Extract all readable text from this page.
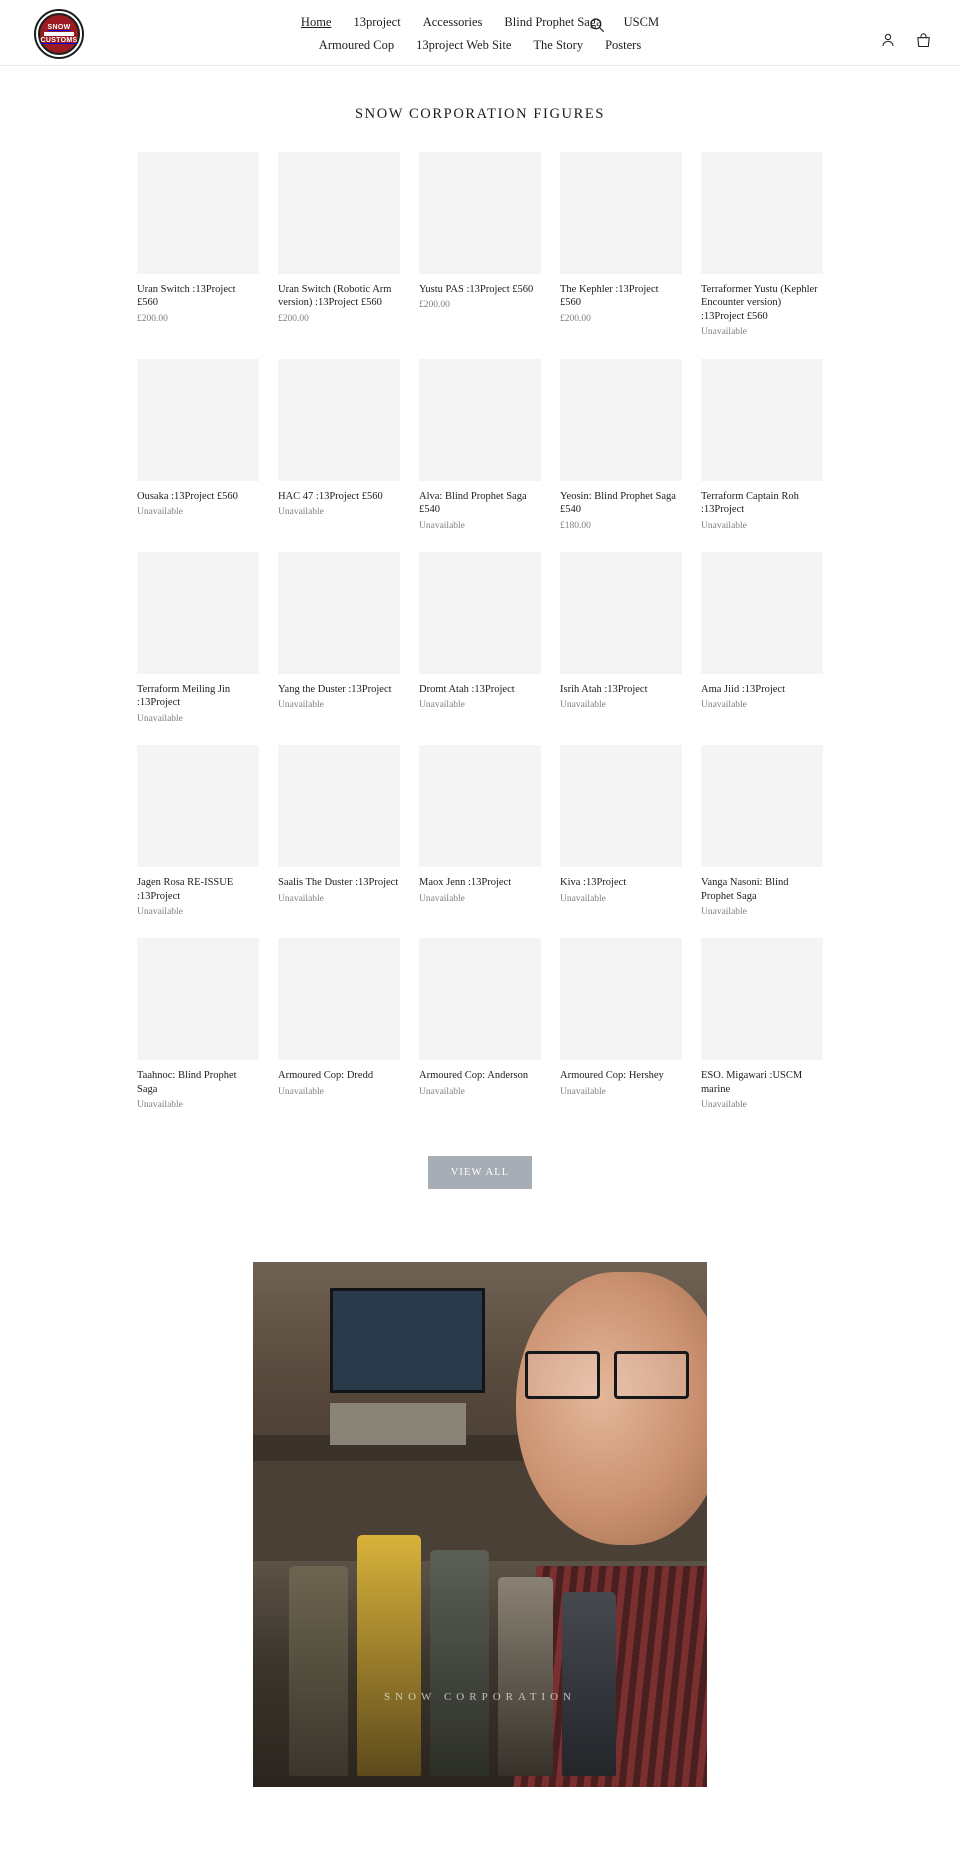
SNOW
CUSTOMS
Home 13project Accessories Blind Prophet Saga USCM
Armoured Cop 13project Web Site The Story Posters
SNOW CORPORATION FIGURES
Uran Switch :13Project £560
£200.00
Uran Switch (Robotic Arm version) :13Project £560
£200.00
Yustu PAS :13Project £560
£200.00
The Kephler :13Project £560
£200.00
Terraformer Yustu (Kephler Encounter version) :13Project £560
Unavailable
Ousaka :13Project £560
Unavailable
HAC 47 :13Project £560
Unavailable
Alva: Blind Prophet Saga £540
Unavailable
Yeosin: Blind Prophet Saga £540
£180.00
Terraform Captain Roh :13Project
Unavailable
Terraform Meiling Jin :13Project
Unavailable
Yang the Duster :13Project
Unavailable
Dromt Atah :13Project
Unavailable
Isrih Atah :13Project
Unavailable
Ama Jiid :13Project
Unavailable
Jagen Rosa RE-ISSUE :13Project
Unavailable
Saalis The Duster :13Project
Unavailable
Maox Jenn :13Project
Unavailable
Kiva :13Project
Unavailable
Vanga Nasoni: Blind Prophet Saga
Unavailable
Taahnoc: Blind Prophet Saga
Unavailable
Armoured Cop: Dredd
Unavailable
Armoured Cop: Anderson
Unavailable
Armoured Cop: Hershey
Unavailable
ESO. Migawari :USCM marine
Unavailable
VIEW ALL
SNOW CORPORATION
